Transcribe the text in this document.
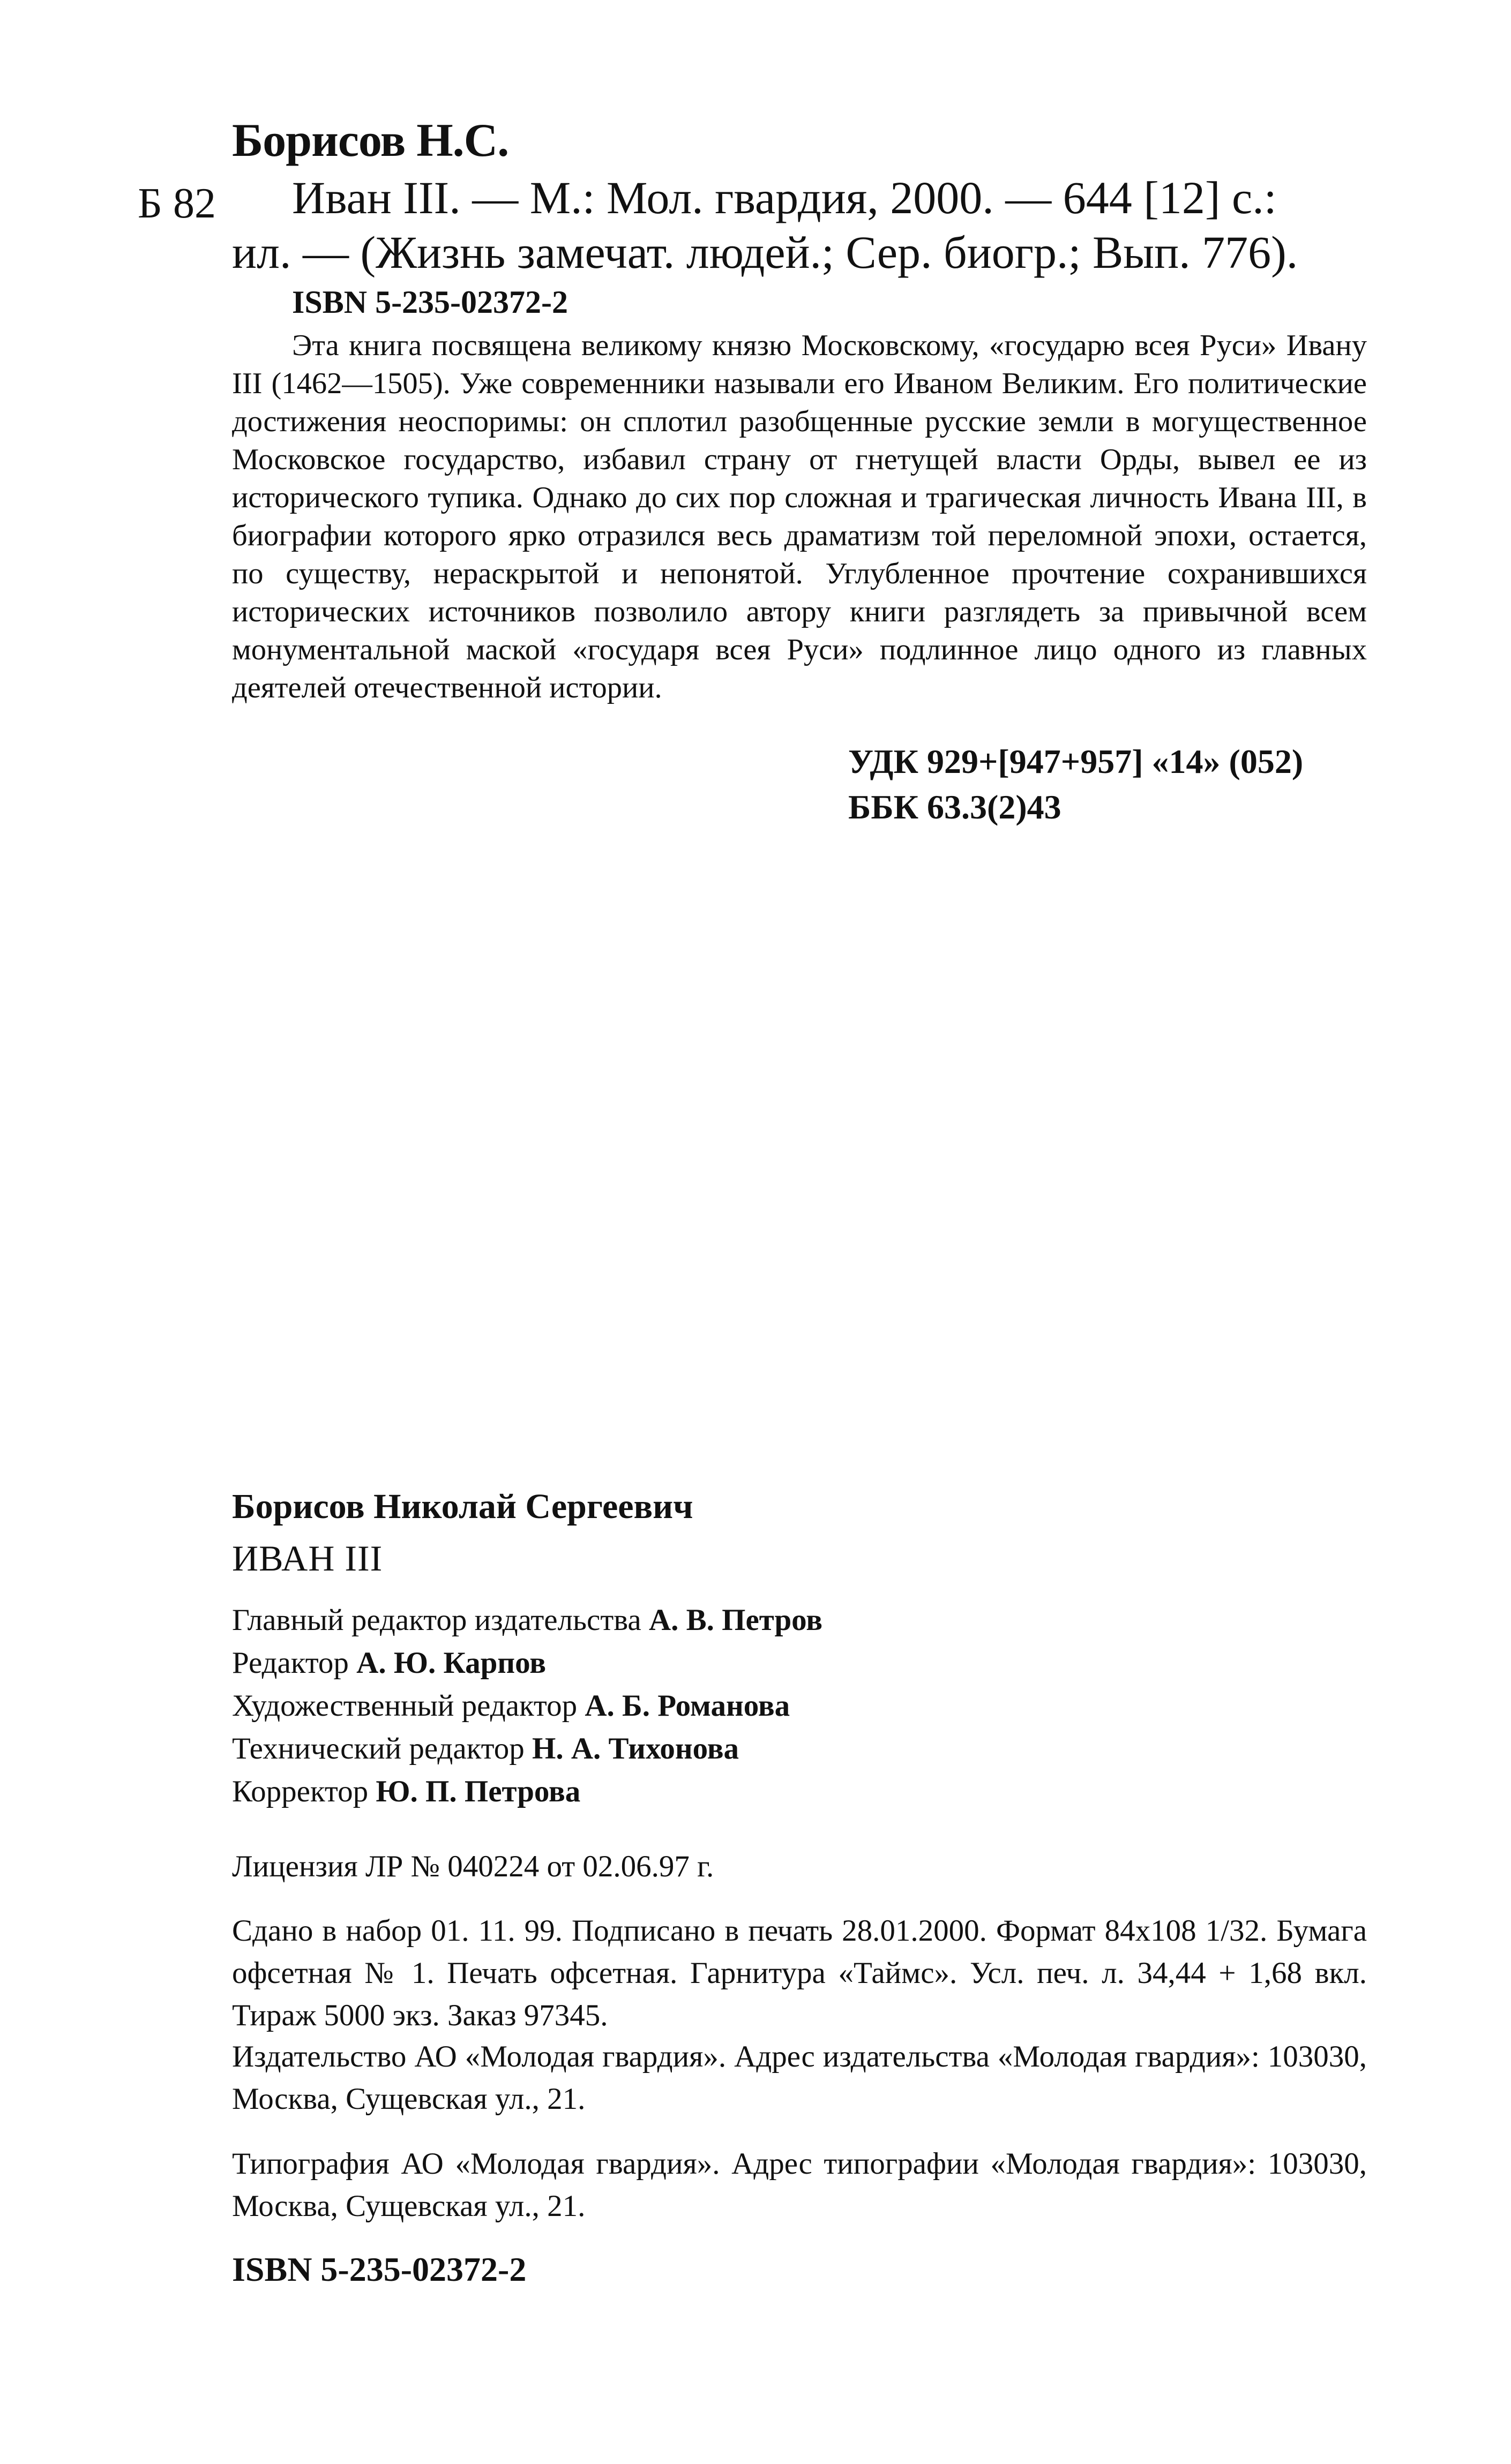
Борисов Н.С.

Б 82 Иван III. — М.: Мол. гвардия, 2000. — 644 [12] с.:

ил. — (Жизнь замечат. людей.; Сер. биогр.; Вып. 776).

ISBN 5-235-02372-2

Эта книга посвящена великому князю Московскому, «государю всея Руси» Ивану III (1462—1505). Уже современники называли его Иваном Великим. Его политические достижения неоспоримы: он сплотил разобщенные русские земли в могущественное Московское государство, избавил страну от гнетущей власти Орды, вывел ее из исторического тупика. Однако до сих пор сложная и трагическая личность Ивана III, в биографии которого ярко отразился весь драматизм той переломной эпохи, остается, по существу, нераскрытой и непонятой. Углубленное прочтение сохранившихся исторических источников позволило автору книги разглядеть за привычной всем монументальной маской «государя всея Руси» подлинное лицо одного из главных деятелей отечественной истории.

УДК 929+[947+957] «14» (052)

ББК 63.3(2)43

Борисов Николай Сергеевич

ИВАН III

Главный редактор издательства А. В. Петров
Редактор А. Ю. Карпов
Художественный редактор А. Б. Романова
Технический редактор Н. А. Тихонова
Корректор Ю. П. Петрова

Лицензия ЛР № 040224 от 02.06.97 г.

Сдано в набор 01. 11. 99. Подписано в печать 28.01.2000. Формат 84x108 1/32. Бумага офсетная № 1. Печать офсетная. Гарнитура «Таймс». Усл. печ. л. 34,44 + 1,68 вкл. Тираж 5000 экз. Заказ 97345.

Издательство АО «Молодая гвардия». Адрес издательства «Молодая гвардия»: 103030, Москва, Сущевская ул., 21.

Типография АО «Молодая гвардия». Адрес типографии «Молодая гвардия»: 103030, Москва, Сущевская ул., 21.

ISBN 5-235-02372-2
